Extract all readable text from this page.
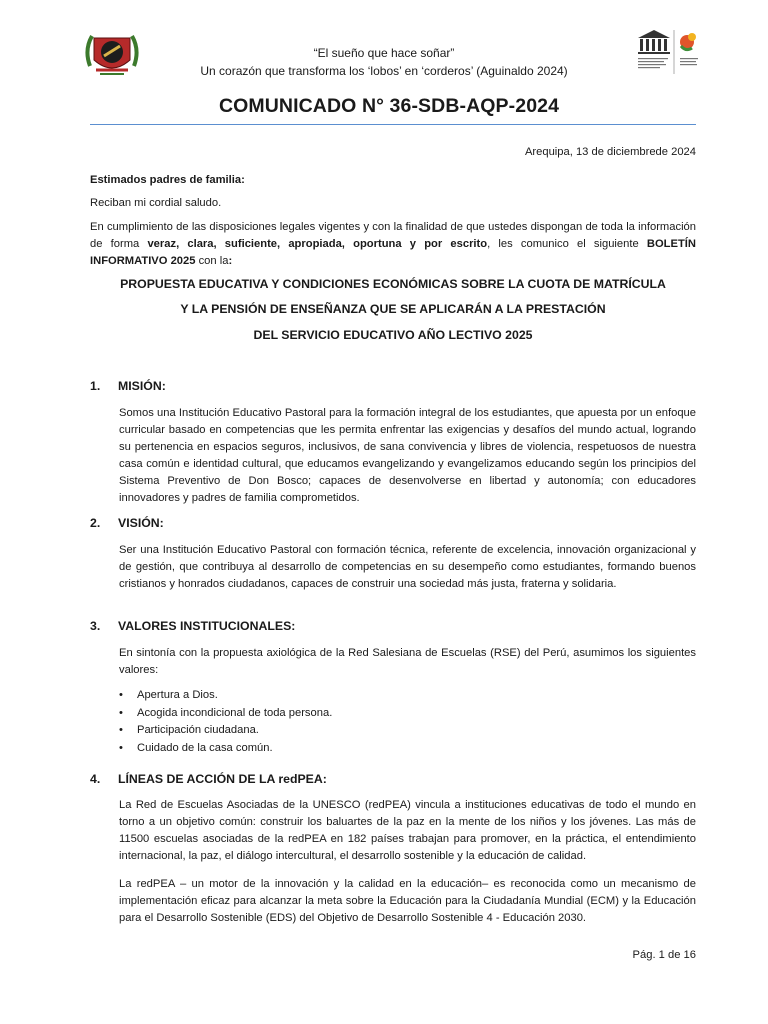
“El sueño que hace soñar”
Un corazón que transforma los ‘lobos’ en ‘corderos’ (Aguinaldo 2024)
COMUNICADO N° 36-SDB-AQP-2024
Arequipa, 13 de diciembrede 2024
Estimados padres de familia:
Reciban mi cordial saludo.
En cumplimiento de las disposiciones legales vigentes y con la finalidad de que ustedes dispongan de toda la información de forma veraz, clara, suficiente, apropiada, oportuna y por escrito, les comunico el siguiente BOLETÍN INFORMATIVO 2025 con la:
PROPUESTA EDUCATIVA Y CONDICIONES ECONÓMICAS SOBRE LA CUOTA DE MATRÍCULA
Y LA PENSIÓN DE ENSEÑANZA QUE SE APLICARÁN A LA PRESTACIÓN
DEL SERVICIO EDUCATIVO AÑO LECTIVO 2025
1. MISIÓN:
Somos una Institución Educativo Pastoral para la formación integral de los estudiantes, que apuesta por un enfoque curricular basado en competencias que les permita enfrentar las exigencias y desafíos del mundo actual, logrando su pertenencia en espacios seguros, inclusivos, de sana convivencia y libres de violencia, respetuosos de nuestra casa común e identidad cultural, que educamos evangelizando y evangelizamos educando según los principios del Sistema Preventivo de Don Bosco; capaces de desenvolverse en libertad y autonomía; con educadores innovadores y padres de familia comprometidos.
2. VISIÓN:
Ser una Institución Educativo Pastoral con formación técnica, referente de excelencia, innovación organizacional y de gestión, que contribuya al desarrollo de competencias en su desempeño como estudiantes, formando buenos cristianos y honrados ciudadanos, capaces de construir una sociedad más justa, fraterna y solidaria.
3. VALORES INSTITUCIONALES:
En sintonía con la propuesta axiológica de la Red Salesiana de Escuelas (RSE) del Perú, asumimos los siguientes valores:
• Apertura a Dios.
• Acogida incondicional de toda persona.
• Participación ciudadana.
• Cuidado de la casa común.
4. LÍNEAS DE ACCIÓN DE LA redPEA:
La Red de Escuelas Asociadas de la UNESCO (redPEA) vincula a instituciones educativas de todo el mundo en torno a un objetivo común: construir los baluartes de la paz en la mente de los niños y los jóvenes. Las más de 11500 escuelas asociadas de la redPEA en 182 países trabajan para promover, en la práctica, el entendimiento internacional, la paz, el diálogo intercultural, el desarrollo sostenible y la educación de calidad.
La redPEA – un motor de la innovación y la calidad en la educación– es reconocida como un mecanismo de implementación eficaz para alcanzar la meta sobre la Educación para la Ciudadanía Mundial (ECM) y la Educación para el Desarrollo Sostenible (EDS) del Objetivo de Desarrollo Sostenible 4 - Educación 2030.
Pág. 1 de 16
